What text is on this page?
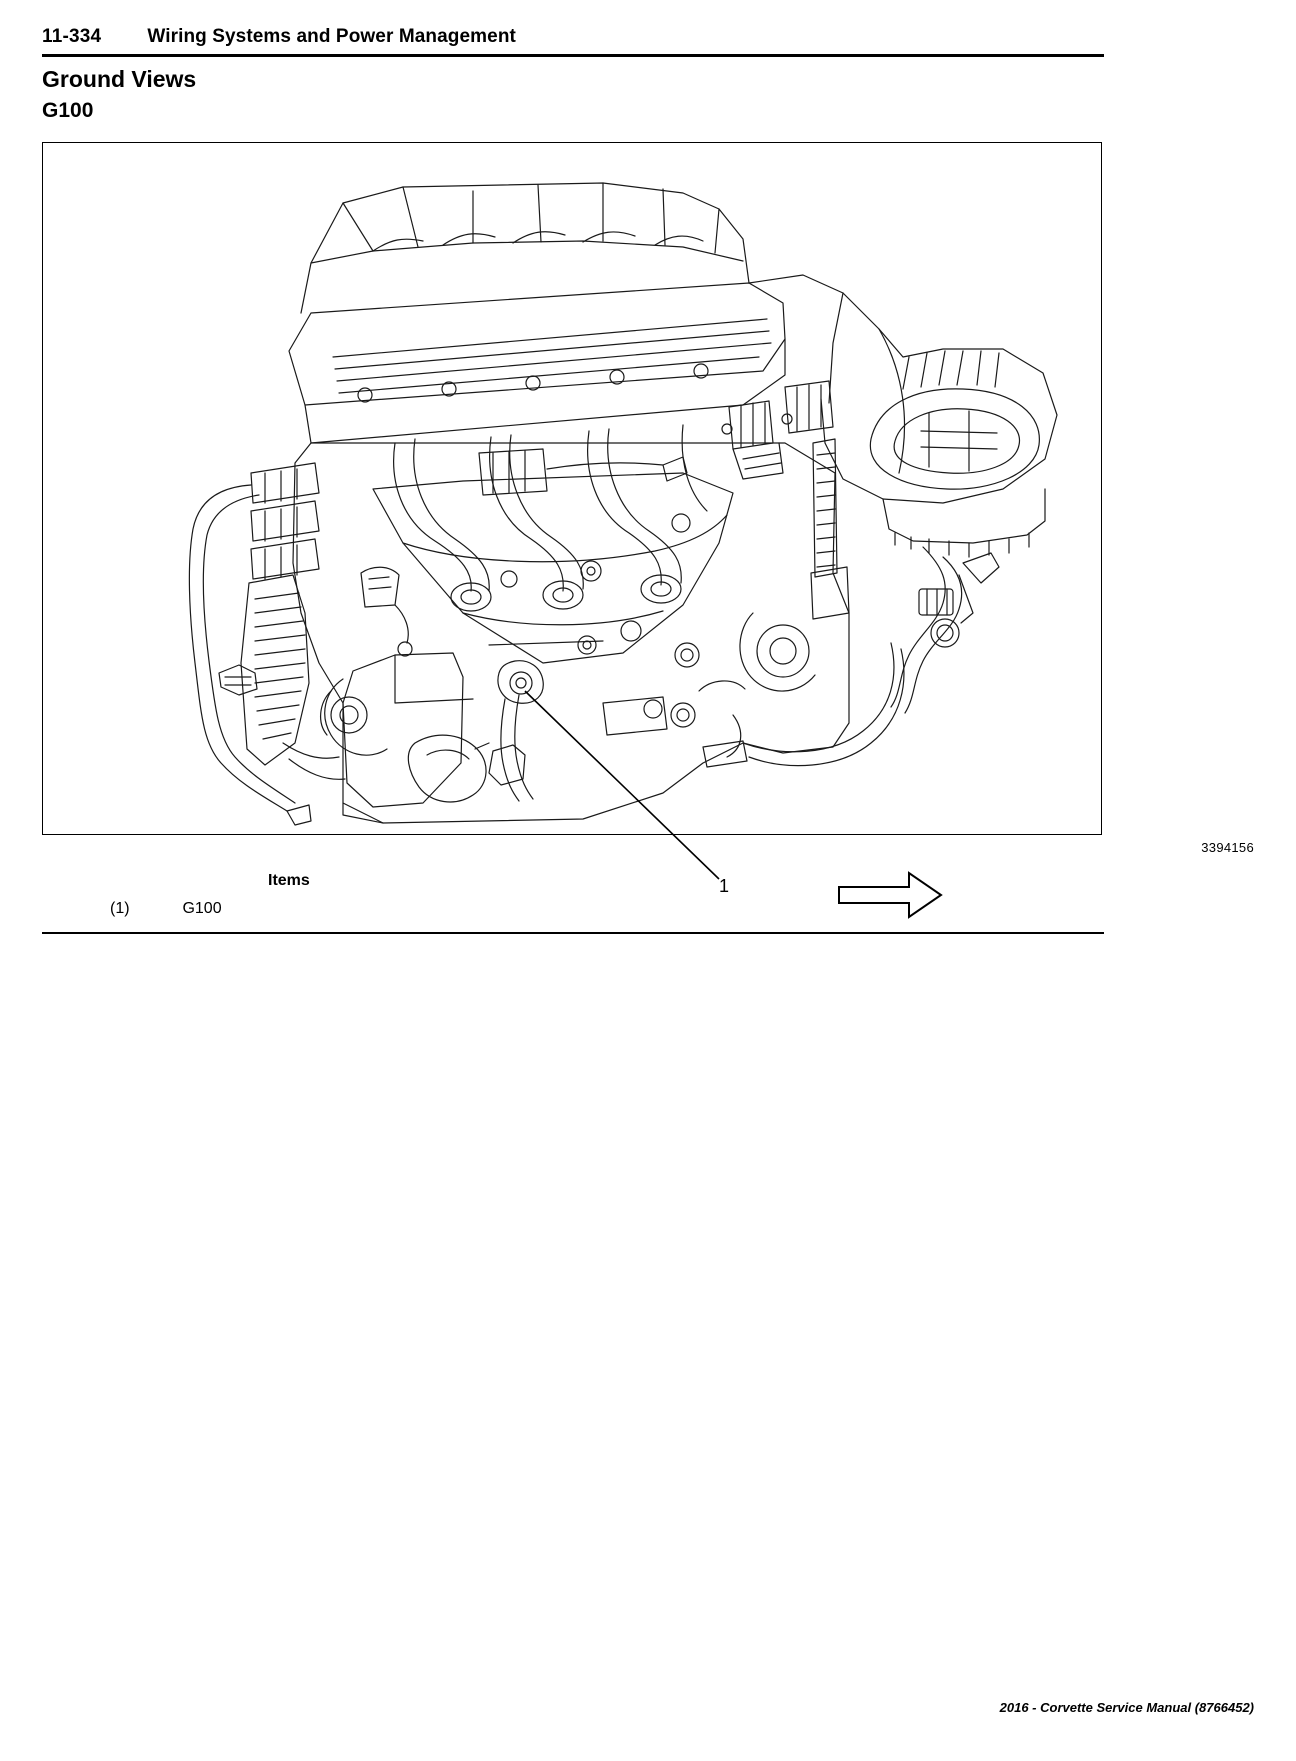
11-334 Wiring Systems and Power Management
Ground Views
G100
1
3394156
Items
(1)	G100
2016 - Corvette Service Manual (8766452)
